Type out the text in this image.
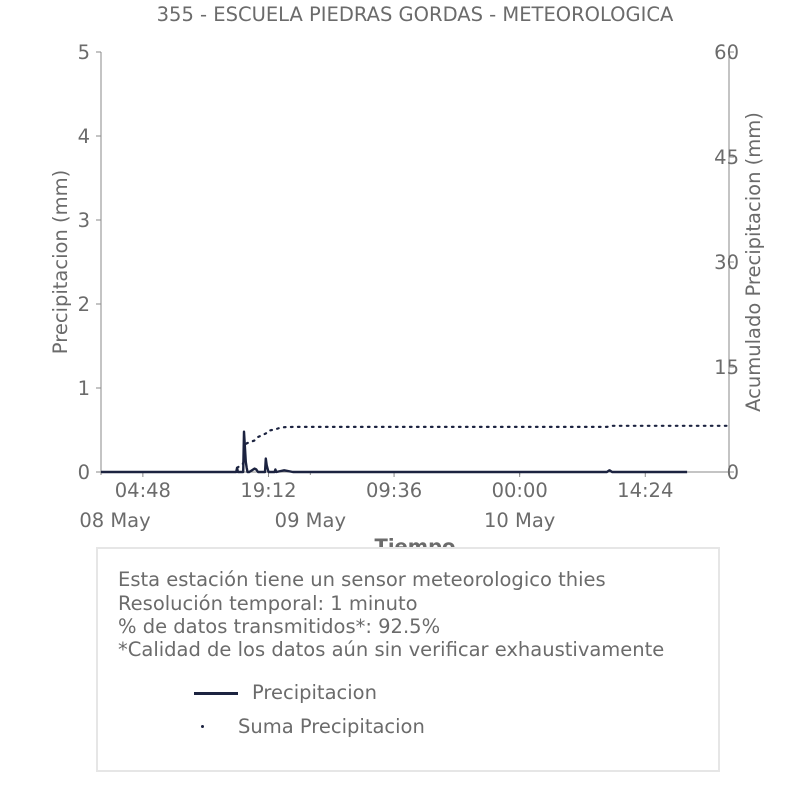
355 - ESCUELA PIEDRAS GORDAS - METEOROLOGICA
0
1
2
3
4
5
0
15
30
45
60
04:48	19:12	09:36	00:00	14:24
08 May	09 May	10 May
Precipitacion (mm)	Acumulado Precipitacion (mm)
Esta estación tiene un sensor meteorologico thies
Resolución temporal: 1 minuto
% de datos transmitidos*: 92.5%
*Calidad de los datos aún sin verificar exhaustivamente
Precipitacion
Suma Precipitacion
